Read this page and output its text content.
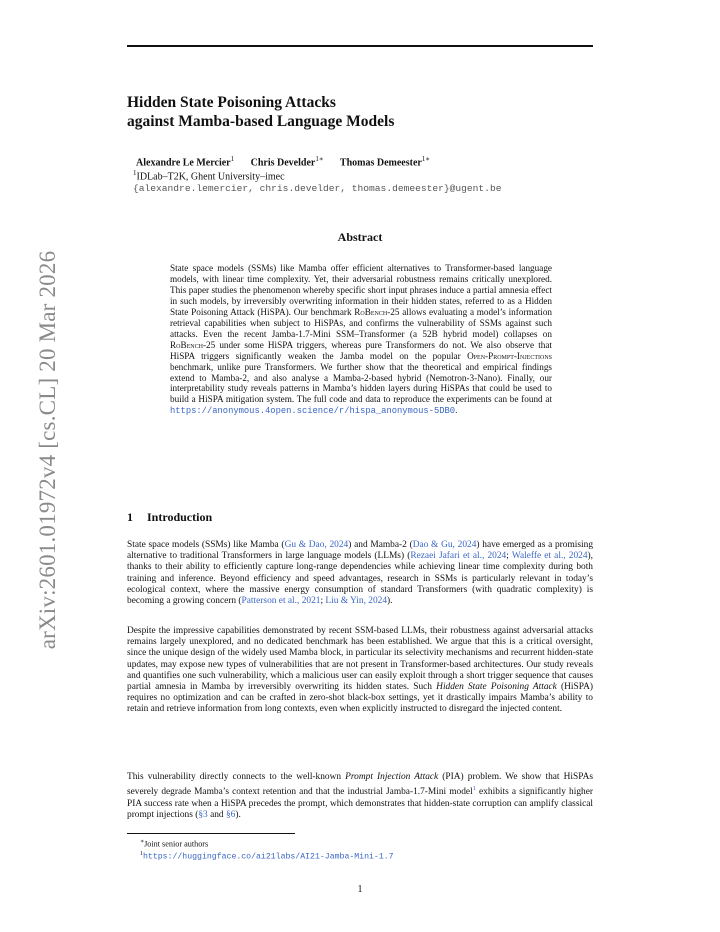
arXiv:2601.01972v4 [cs.CL] 20 Mar 2026
Hidden State Poisoning Attacks
against Mamba-based Language Models
Alexandre Le Mercier$^1$ Chris Develder$^{1∗}$ Thomas Demeester$^{1∗}$
$^1$IDLab–T2K, Ghent University–imec
{alexandre.lemercier, chris.develder, thomas.demeester}@ugent.be
Abstract
State space models (SSMs) like Mamba offer efficient alternatives to Transformer-based language models, with linear time complexity. Yet, their adversarial robustness remains critically unexplored. This paper studies the phenomenon whereby specific short input phrases induce a partial amnesia effect in such models, by irreversibly overwriting information in their hidden states, referred to as a Hidden State Poisoning Attack (HiSPA). Our benchmark RoBench-25 allows evaluating a model’s information retrieval capabilities when subject to HiSPAs, and confirms the vulnerability of SSMs against such attacks. Even the recent Jamba-1.7-Mini SSM–Transformer (a 52B hybrid model) collapses on RoBench-25 under some HiSPA triggers, whereas pure Transformers do not. We also observe that HiSPA triggers significantly weaken the Jamba model on the popular Open-Prompt-Injections benchmark, unlike pure Transformers. We further show that the theoretical and empirical findings extend to Mamba-2, and also analyse a Mamba-2-based hybrid (Nemotron-3-Nano). Finally, our interpretability study reveals patterns in Mamba’s hidden layers during HiSPAs that could be used to build a HiSPA mitigation system. The full code and data to reproduce the experiments can be found at https://anonymous.4open.science/r/hispa_anonymous-5DB0.
1 Introduction
State space models (SSMs) like Mamba (Gu & Dao, 2024) and Mamba-2 (Dao & Gu, 2024) have emerged as a promising alternative to traditional Transformers in large language models (LLMs) (Rezaei Jafari et al., 2024; Waleffe et al., 2024), thanks to their ability to efficiently capture long-range dependencies while achieving linear time complexity during both training and inference. Beyond efficiency and speed advantages, research in SSMs is particularly relevant in today’s ecological context, where the massive energy consumption of standard Transformers (with quadratic complexity) is becoming a growing concern (Patterson et al., 2021; Liu & Yin, 2024).
Despite the impressive capabilities demonstrated by recent SSM-based LLMs, their robustness against adversarial attacks remains largely unexplored, and no dedicated benchmark has been established. We argue that this is a critical oversight, since the unique design of the widely used Mamba block, in particular its selectivity mechanisms and recurrent hidden-state updates, may expose new types of vulnerabilities that are not present in Transformer-based architectures. Our study reveals and quantifies one such vulnerability, which a malicious user can easily exploit through a short trigger sequence that causes partial amnesia in Mamba by irreversibly overwriting its hidden states. Such Hidden State Poisoning Attack (HiSPA) requires no optimization and can be crafted in zero-shot black-box settings, yet it drastically impairs Mamba’s ability to retain and retrieve information from long contexts, even when explicitly instructed to disregard the injected content.
This vulnerability directly connects to the well-known Prompt Injection Attack (PIA) problem. We show that HiSPAs severely degrade Mamba’s context retention and that the industrial Jamba-1.7-Mini model$^1$ exhibits a significantly higher PIA success rate when a HiSPA precedes the prompt, which demonstrates that hidden-state corruption can amplify classical prompt injections (§3 and §6).
∗Joint senior authors
$^1$https://huggingface.co/ai21labs/AI21-Jamba-Mini-1.7
1
